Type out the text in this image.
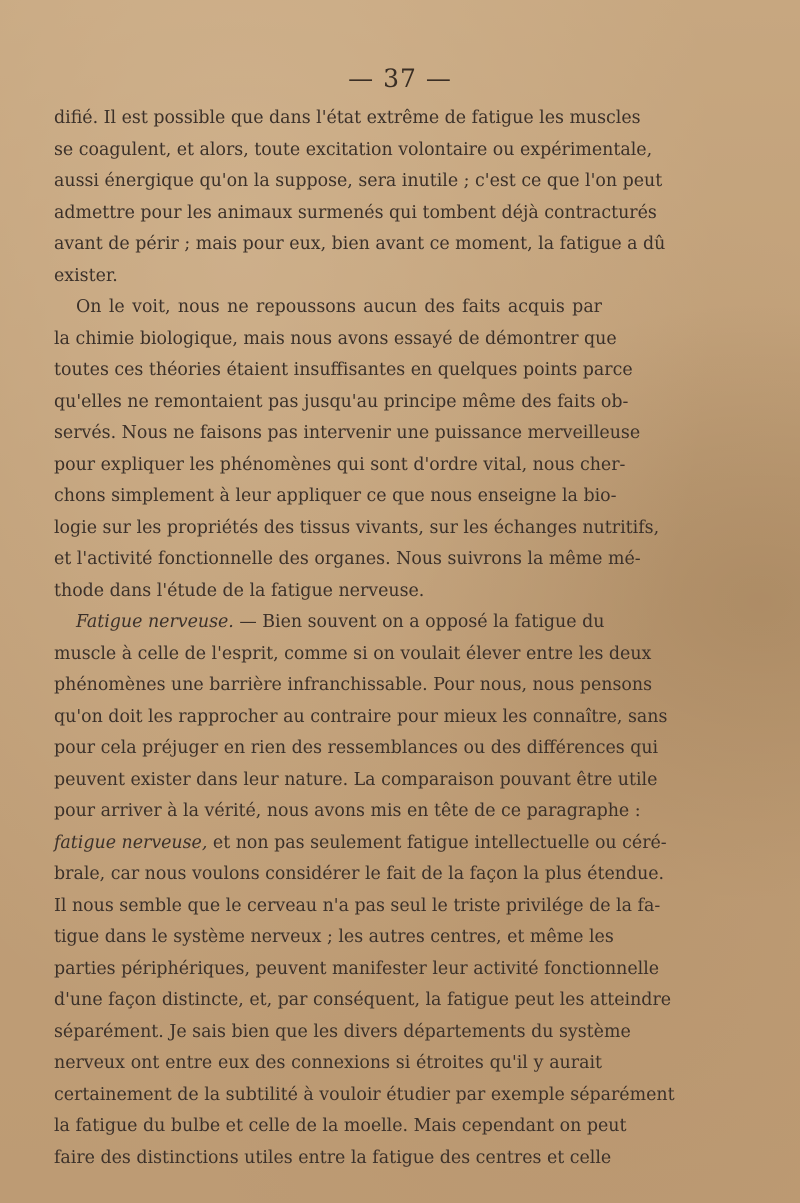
— 37 —
difié. Il est possible que dans l'état extrême de fatigue les muscles
se coagulent, et alors, toute excitation volontaire ou expérimentale,
aussi énergique qu'on la suppose, sera inutile ; c'est ce que l'on peut
admettre pour les animaux surmenés qui tombent déjà contracturés
avant de périr ; mais pour eux, bien avant ce moment, la fatigue a dû
exister.
On le voit, nous ne repoussons aucun des faits acquis par
la chimie biologique, mais nous avons essayé de démontrer que
toutes ces théories étaient insuffisantes en quelques points parce
qu'elles ne remontaient pas jusqu'au principe même des faits ob-
servés. Nous ne faisons pas intervenir une puissance merveilleuse
pour expliquer les phénomènes qui sont d'ordre vital, nous cher-
chons simplement à leur appliquer ce que nous enseigne la bio-
logie sur les propriétés des tissus vivants, sur les échanges nutritifs,
et l'activité fonctionnelle des organes. Nous suivrons la même mé-
thode dans l'étude de la fatigue nerveuse.
Fatigue nerveuse. — Bien souvent on a opposé la fatigue du
muscle à celle de l'esprit, comme si on voulait élever entre les deux
phénomènes une barrière infranchissable. Pour nous, nous pensons
qu'on doit les rapprocher au contraire pour mieux les connaître, sans
pour cela préjuger en rien des ressemblances ou des différences qui
peuvent exister dans leur nature. La comparaison pouvant être utile
pour arriver à la vérité, nous avons mis en tête de ce paragraphe :
fatigue nerveuse, et non pas seulement fatigue intellectuelle ou céré-
brale, car nous voulons considérer le fait de la façon la plus étendue.
Il nous semble que le cerveau n'a pas seul le triste privilége de la fa-
tigue dans le système nerveux ; les autres centres, et même les
parties périphériques, peuvent manifester leur activité fonctionnelle
d'une façon distincte, et, par conséquent, la fatigue peut les atteindre
séparément. Je sais bien que les divers départements du système
nerveux ont entre eux des connexions si étroites qu'il y aurait
certainement de la subtilité à vouloir étudier par exemple séparément
la fatigue du bulbe et celle de la moelle. Mais cependant on peut
faire des distinctions utiles entre la fatigue des centres et celle
